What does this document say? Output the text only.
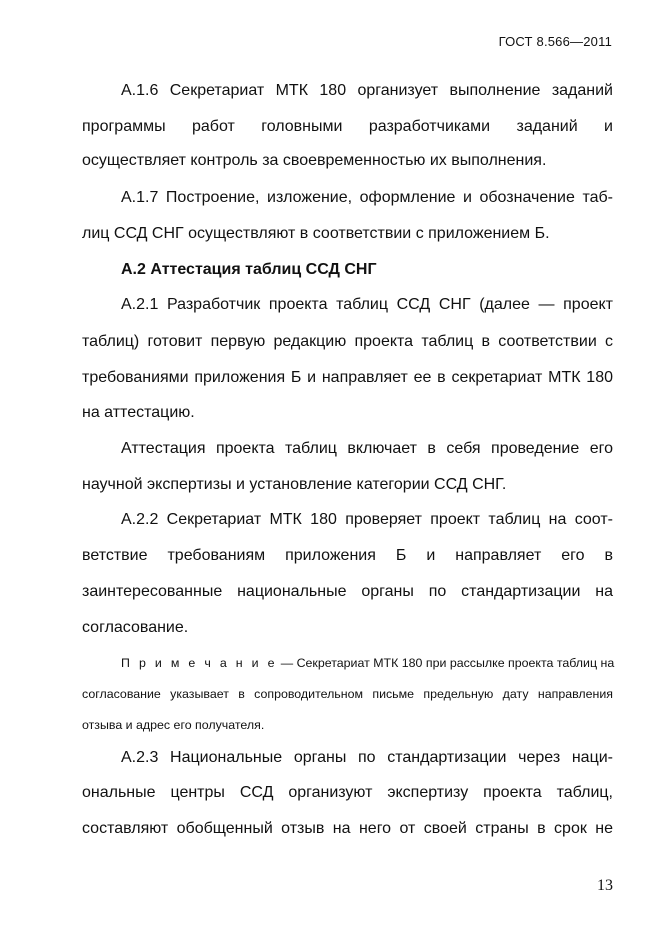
ГОСТ 8.566—2011
А.1.6 Секретариат МТК 180 организует выполнение заданий
программы работ головными разработчиками заданий и
осуществляет контроль за своевременностью их выполнения.
А.1.7 Построение, изложение, оформление и обозначение таб-
лиц ССД СНГ осуществляют в соответствии с приложением Б.
А.2 Аттестация таблиц ССД СНГ
А.2.1 Разработчик проекта таблиц ССД СНГ (далее — проект
таблиц) готовит первую редакцию проекта таблиц в соответствии с
требованиями приложения Б и направляет ее в секретариат МТК 180
на аттестацию.
Аттестация проекта таблиц включает в себя проведение его
научной экспертизы и установление категории ССД СНГ.
А.2.2 Секретариат МТК 180 проверяет проект таблиц на соот-
ветствие требованиям приложения Б и направляет его в
заинтересованные национальные органы по стандартизации на
согласование.
П р и м е ч а н и е — Секретариат МТК 180 при рассылке проекта таблиц на
согласование указывает в сопроводительном письме предельную дату направления
отзыва и адрес его получателя.
А.2.3 Национальные органы по стандартизации через наци-
ональные центры ССД организуют экспертизу проекта таблиц,
составляют обобщенный отзыв на него от своей страны в срок не
13
